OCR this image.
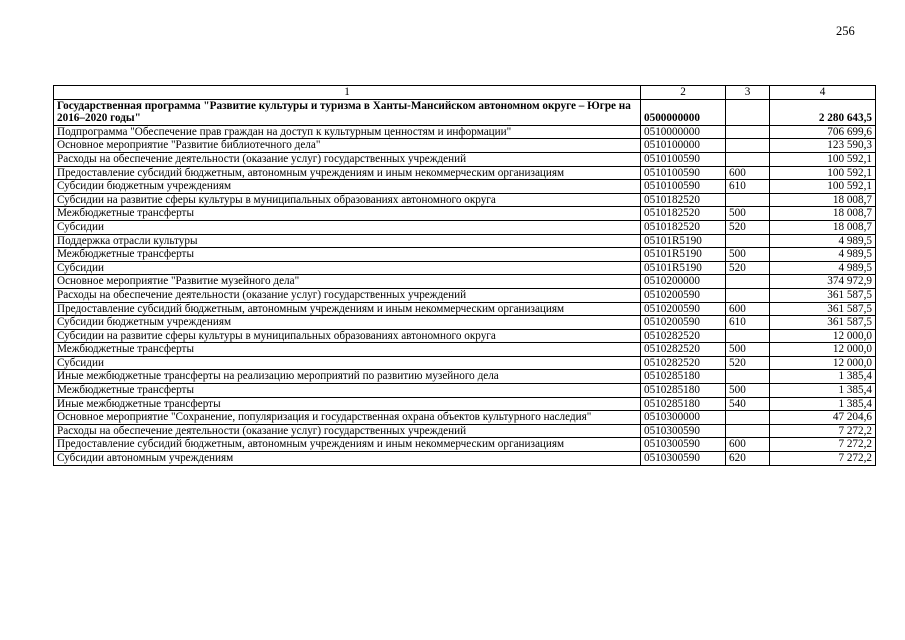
256
1	2	3	4
Государственная программа "Развитие культуры и туризма в Ханты-Мансийском автономном округе – Югре на 2016–2020 годы"	0500000000		2 280 643,5
Подпрограмма "Обеспечение прав граждан на доступ к культурным ценностям и информации"	0510000000		706 699,6
Основное мероприятие "Развитие библиотечного дела"	0510100000		123 590,3
Расходы на обеспечение деятельности (оказание услуг) государственных учреждений	0510100590		100 592,1
Предоставление субсидий бюджетным, автономным учреждениям и иным некоммерческим организациям	0510100590	600	100 592,1
Субсидии бюджетным учреждениям	0510100590	610	100 592,1
Субсидии на развитие сферы культуры в муниципальных образованиях автономного округа	0510182520		18 008,7
Межбюджетные трансферты	0510182520	500	18 008,7
Субсидии	0510182520	520	18 008,7
Поддержка отрасли культуры	05101R5190		4 989,5
Межбюджетные трансферты	05101R5190	500	4 989,5
Субсидии	05101R5190	520	4 989,5
Основное мероприятие "Развитие музейного дела"	0510200000		374 972,9
Расходы на обеспечение деятельности (оказание услуг) государственных учреждений	0510200590		361 587,5
Предоставление субсидий бюджетным, автономным учреждениям и иным некоммерческим организациям	0510200590	600	361 587,5
Субсидии бюджетным учреждениям	0510200590	610	361 587,5
Субсидии на развитие сферы культуры в муниципальных образованиях автономного округа	0510282520		12 000,0
Межбюджетные трансферты	0510282520	500	12 000,0
Субсидии	0510282520	520	12 000,0
Иные межбюджетные трансферты на реализацию мероприятий по развитию музейного дела	0510285180		1 385,4
Межбюджетные трансферты	0510285180	500	1 385,4
Иные межбюджетные трансферты	0510285180	540	1 385,4
Основное мероприятие "Сохранение, популяризация и государственная охрана объектов культурного наследия"	0510300000		47 204,6
Расходы на обеспечение деятельности (оказание услуг) государственных учреждений	0510300590		7 272,2
Предоставление субсидий бюджетным, автономным учреждениям и иным некоммерческим организациям	0510300590	600	7 272,2
Субсидии автономным учреждениям	0510300590	620	7 272,2
